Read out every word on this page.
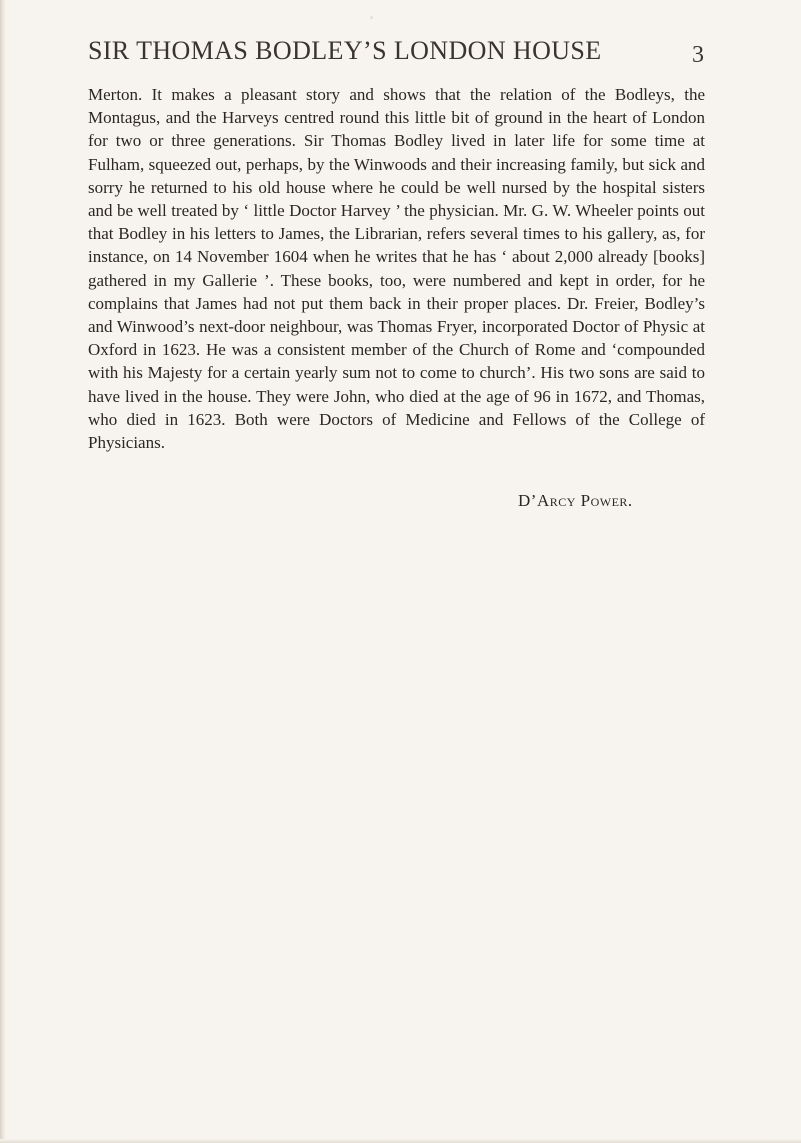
SIR THOMAS BODLEY’S LONDON HOUSE	3

Merton. It makes a pleasant story and shows that the relation of the Bodleys, the Montagus, and the Harveys centred round this little bit of ground in the heart of London for two or three generations. Sir Thomas Bodley lived in later life for some time at Fulham, squeezed out, perhaps, by the Winwoods and their increasing family, but sick and sorry he returned to his old house where he could be well nursed by the hospital sisters and be well treated by ‘ little Doctor Harvey ’ the physician. Mr. G. W. Wheeler points out that Bodley in his letters to James, the Librarian, refers several times to his gallery, as, for instance, on 14 November 1604 when he writes that he has ‘ about 2,000 already [books] gathered in my Gallerie ’. These books, too, were numbered and kept in order, for he complains that James had not put them back in their proper places. Dr. Freier, Bodley’s and Winwood’s next-door neighbour, was Thomas Fryer, incorporated Doctor of Physic at Oxford in 1623. He was a consistent member of the Church of Rome and ‘compounded with his Majesty for a certain yearly sum not to come to church’. His two sons are said to have lived in the house. They were John, who died at the age of 96 in 1672, and Thomas, who died in 1623. Both were Doctors of Medicine and Fellows of the College of Physicians.

D’Arcy Power.
